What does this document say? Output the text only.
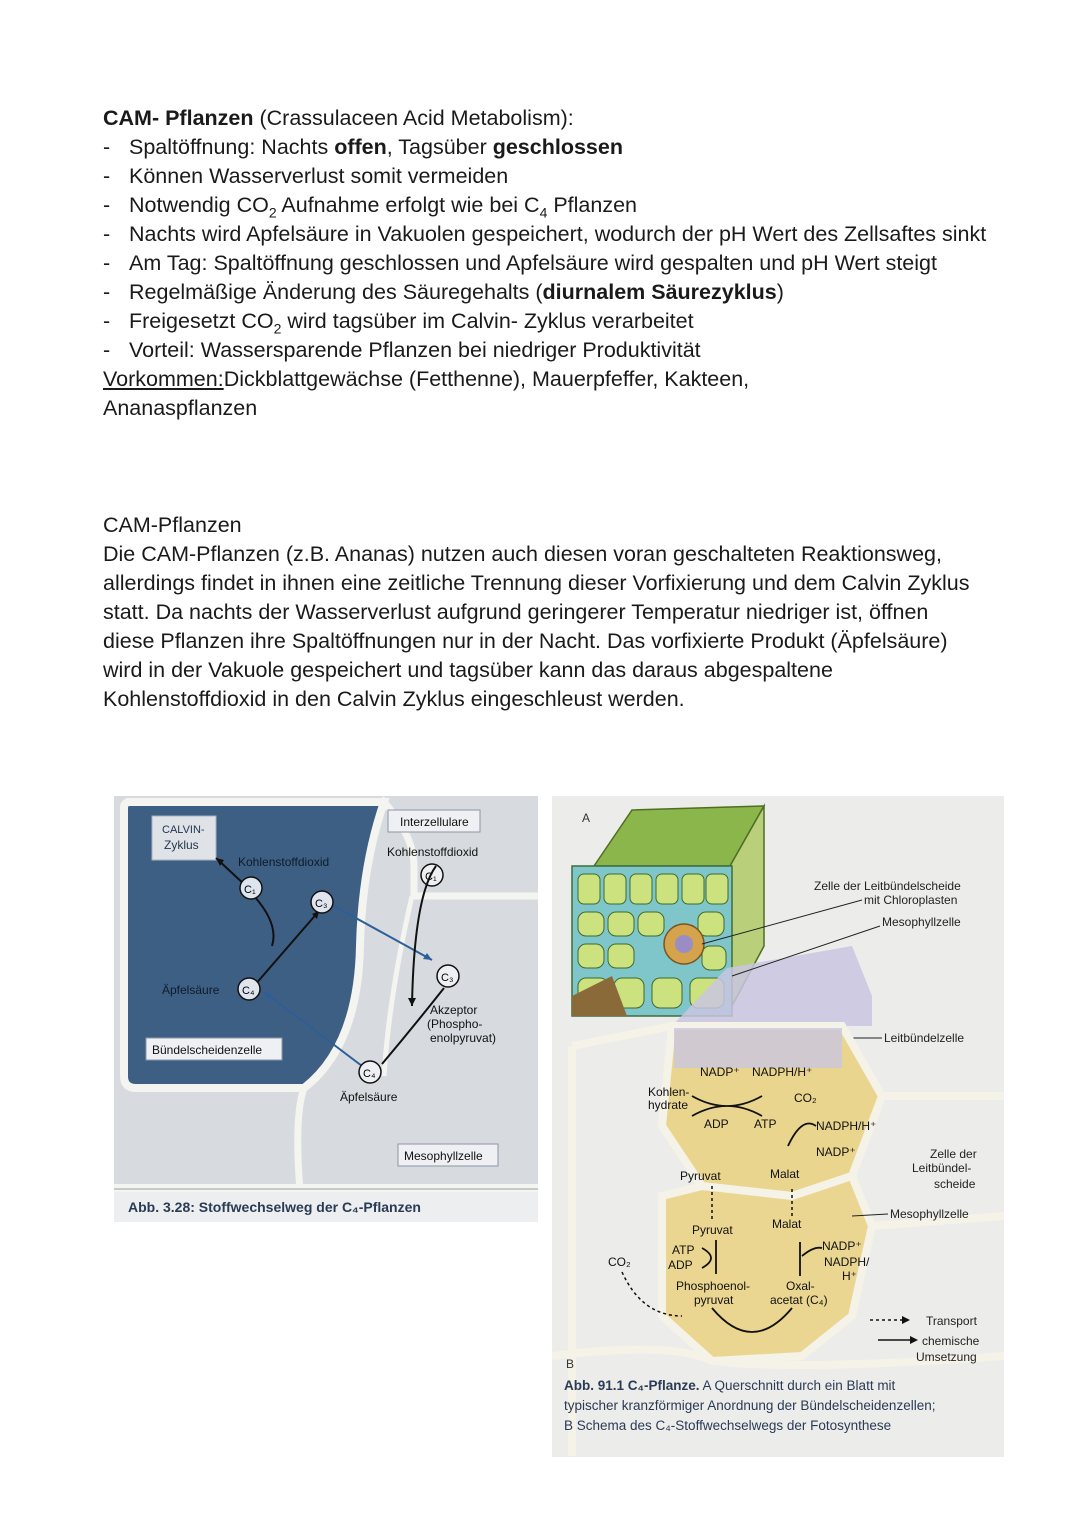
CAM- Pflanzen (Crassulaceen Acid Metabolism):
- Spaltöffnung: Nachts offen, Tagsüber geschlossen
- Können Wasserverlust somit vermeiden
- Notwendig $CO_2$ Aufnahme erfolgt wie bei $C_4$ Pflanzen
- Nachts wird Apfelsäure in Vakuolen gespeichert, wodurch der pH Wert des Zellsaftes sinkt
- Am Tag: Spaltöffnung geschlossen und Apfelsäure wird gespalten und pH Wert steigt
- Regelmäßige Änderung des Säuregehalts (diurnalem Säurezyklus)
- Freigesetzt $CO_2$ wird tagsüber im Calvin- Zyklus verarbeitet
- Vorteil: Wassersparende Pflanzen bei niedriger Produktivität
Vorkommen:Dickblattgewächse (Fetthenne), Mauerpfeffer, Kakteen, Ananaspflanzen
CAM-Pflanzen
Die CAM-Pflanzen (z.B. Ananas) nutzen auch diesen voran geschalteten Reaktionsweg, allerdings findet in ihnen eine zeitliche Trennung dieser Vorfixierung und dem Calvin Zyklus statt. Da nachts der Wasserverlust aufgrund geringerer Temperatur niedriger ist, öffnen diese Pflanzen ihre Spaltöffnungen nur in der Nacht. Das vorfixierte Produkt (Äpfelsäure) wird in der Vakuole gespeichert und tagsüber kann das daraus abgespaltene Kohlenstoffdioxid in den Calvin Zyklus eingeschleust werden.
CALVIN-
Zyklus
Kohlenstoffdioxid
C₁
C₃
Äpfelsäure C₄
Bündelscheidenzelle
Interzellulare
Kohlenstoffdioxid
C₁
C₃
Akzeptor
(Phospho-
enolpyruvat)
C₄
Äpfelsäure
Mesophyllzelle
Abb. 3.28: Stoffwechselweg der C₄-Pflanzen
A
Zelle der Leitbündelscheide
mit Chloroplasten
Mesophyllzelle
Leitbündelzelle
NADP⁺ NADPH/H⁺
Kohlen-
hydrate	CO₂
ADP ATP	NADPH/H⁺
NADP⁺	Zelle der
Leitbündel-
scheide
Pyruvat	Malat
Mesophyllzelle
Pyruvat	Malat
ATP
ADP
CO₂
NADP⁺
NADPH/
H⁺
Phosphoenol-
pyruvat
Oxal-
acetat (C₄)
Transport
chemische
Umsetzung
B
Abb. 91.1 C₄-Pflanze. A Querschnitt durch ein Blatt mit
B Schema des C₄-Stoffwechselwegs der Fotosynthese
typischer kranzförmiger Anordnung der Bündelscheidenzellen;
